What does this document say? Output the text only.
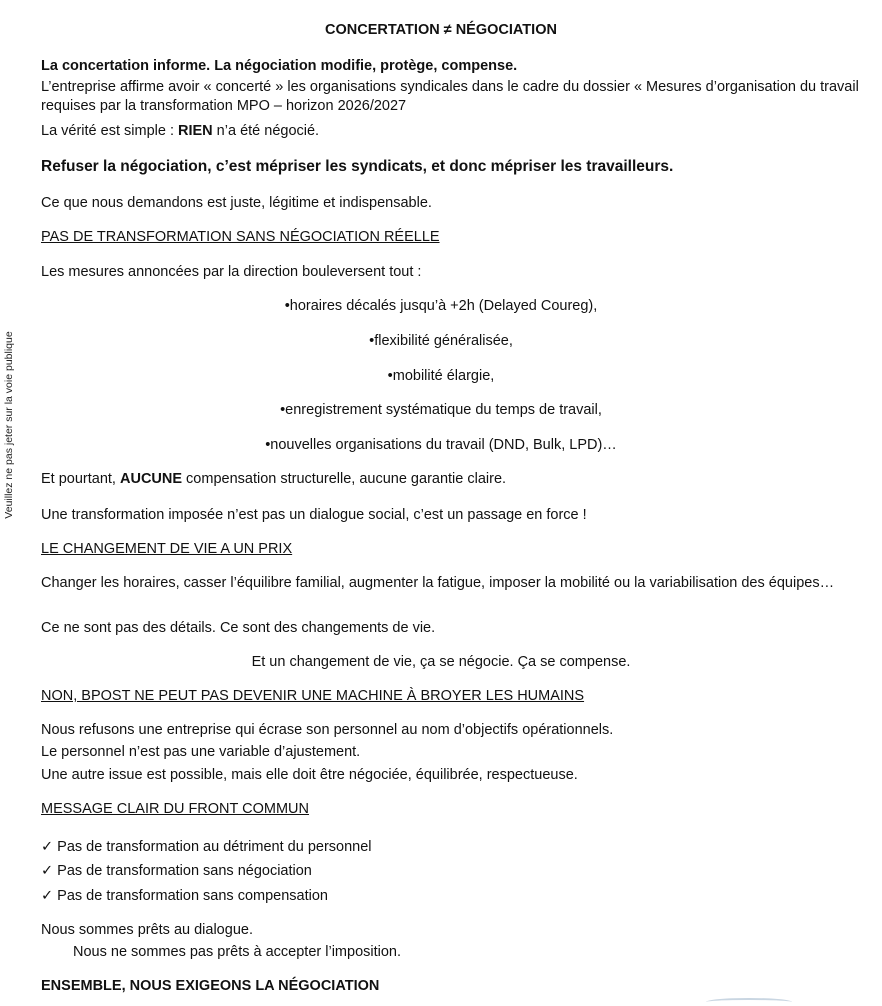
Veuillez ne pas jeter sur la voie publique
CONCERTATION ≠ NÉGOCIATION
La concertation informe. La négociation modifie, protège, compense.
L’entreprise affirme avoir « concerté » les organisations syndicales dans le cadre du dossier « Mesures d’organisation du travail requises par la transformation MPO – horizon 2026/2027
La vérité est simple : RIEN n’a été négocié.
Refuser la négociation, c’est mépriser les syndicats, et donc mépriser les travailleurs.
Ce que nous demandons est juste, légitime et indispensable.
PAS DE TRANSFORMATION SANS NÉGOCIATION RÉELLE
Les mesures annoncées par la direction bouleversent tout :
•horaires décalés jusqu’à +2h (Delayed Coureg),
•flexibilité généralisée,
•mobilité élargie,
•enregistrement systématique du temps de travail,
•nouvelles organisations du travail (DND, Bulk, LPD)…
Et pourtant, AUCUNE compensation structurelle, aucune garantie claire.
Une transformation imposée n’est pas un dialogue social, c’est un passage en force !
LE CHANGEMENT DE VIE A UN PRIX
Changer les horaires, casser l’équilibre familial, augmenter la fatigue, imposer la mobilité ou la variabilisation des équipes…
Ce ne sont pas des détails. Ce sont des changements de vie.
Et un changement de vie, ça se négocie. Ça se compense.
NON, BPOST NE PEUT PAS DEVENIR UNE MACHINE À BROYER LES HUMAINS
Nous refusons une entreprise qui écrase son personnel au nom d’objectifs opérationnels.
Le personnel n’est pas une variable d’ajustement.
Une autre issue est possible, mais elle doit être négociée, équilibrée, respectueuse.
MESSAGE CLAIR DU FRONT COMMUN
✓ Pas de transformation au détriment du personnel
✓ Pas de transformation sans négociation
✓ Pas de transformation sans compensation
Nous sommes prêts au dialogue.
Nous ne sommes pas prêts à accepter l’imposition.
ENSEMBLE, NOUS EXIGEONS LA NÉGOCIATION
